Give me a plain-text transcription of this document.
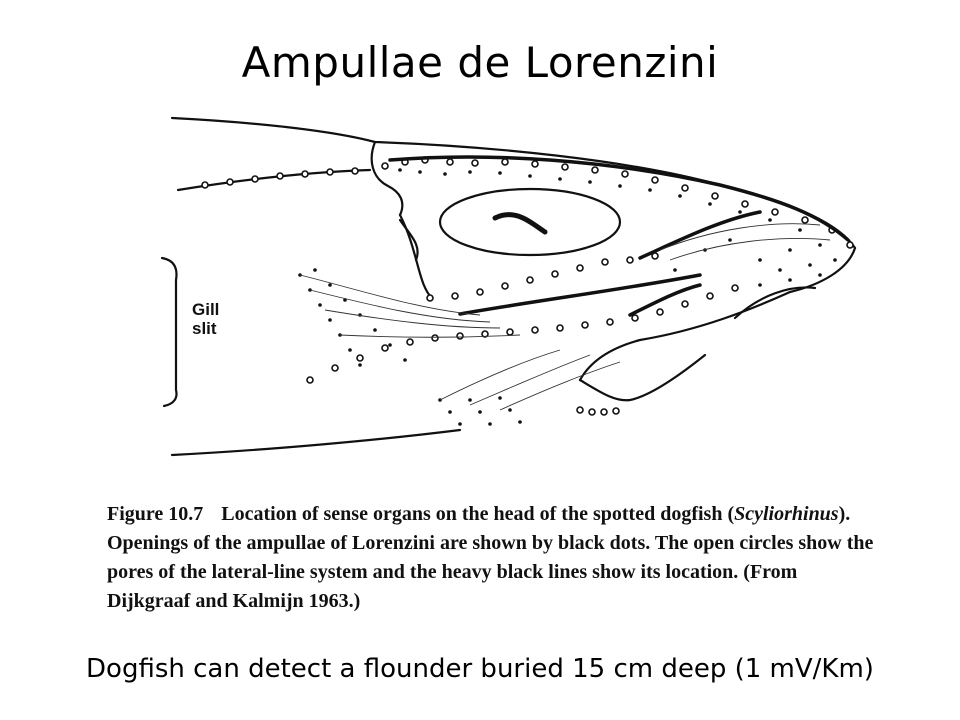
Ampullae de Lorenzini
Gill
slit
Figure 10.7 Location of sense organs on the head of the spotted dogfish (Scyliorhinus). Openings of the ampullae of Lorenzini are shown by black dots. The open circles show the pores of the lateral-line system and the heavy black lines show its location. (From Dijkgraaf and Kalmijn 1963.)
Dogfish can detect a flounder buried 15 cm deep (1 mV/Km)
